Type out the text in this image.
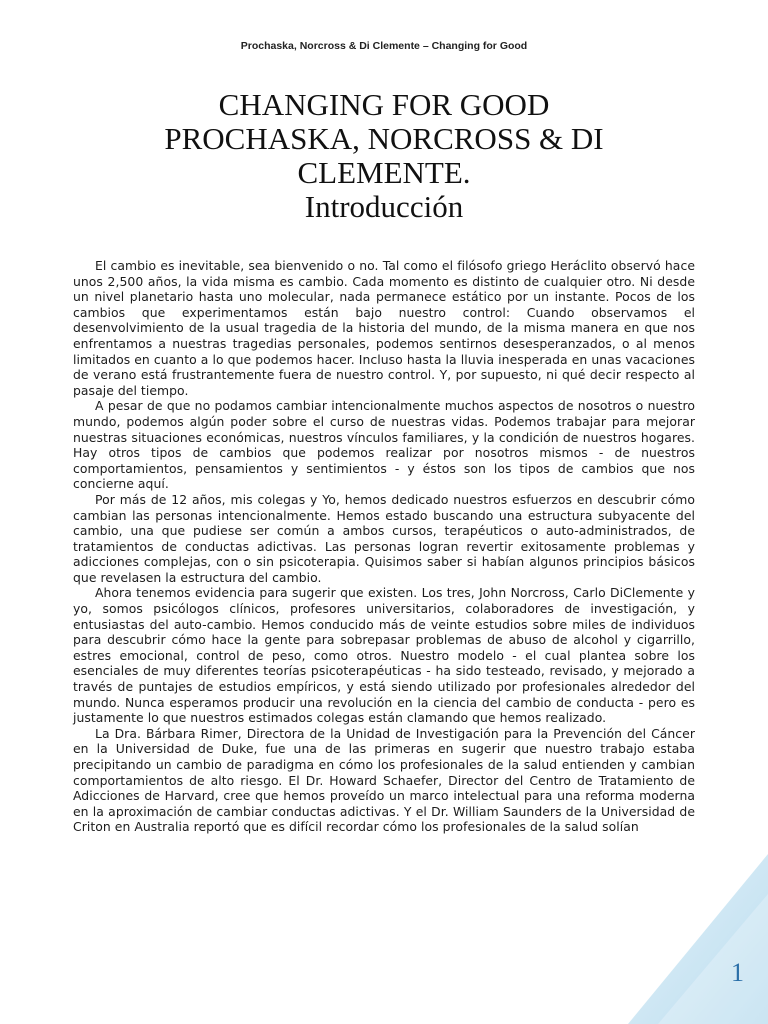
Prochaska, Norcross & Di Clemente – Changing for Good
CHANGING FOR GOOD
PROCHASKA, NORCROSS & DI
CLEMENTE.
Introducción

El cambio es inevitable, sea bienvenido o no. Tal como el filósofo griego Heráclito observó hace unos 2,500 años, la vida misma es cambio. Cada momento es distinto de cualquier otro. Ni desde un nivel planetario hasta uno molecular, nada permanece estático por un instante. Pocos de los cambios que experimentamos están bajo nuestro control: Cuando observamos el desenvolvimiento de la usual tragedia de la historia del mundo, de la misma manera en que nos enfrentamos a nuestras tragedias personales, podemos sentirnos desesperanzados, o al menos limitados en cuanto a lo que podemos hacer. Incluso hasta la lluvia inesperada en unas vacaciones de verano está frustrantemente fuera de nuestro control. Y, por supuesto, ni qué decir respecto al pasaje del tiempo.

A pesar de que no podamos cambiar intencionalmente muchos aspectos de nosotros o nuestro mundo, podemos algún poder sobre el curso de nuestras vidas. Podemos trabajar para mejorar nuestras situaciones económicas, nuestros vínculos familiares, y la condición de nuestros hogares. Hay otros tipos de cambios que podemos realizar por nosotros mismos - de nuestros comportamientos, pensamientos y sentimientos - y éstos son los tipos de cambios que nos concierne aquí.

Por más de 12 años, mis colegas y Yo, hemos dedicado nuestros esfuerzos en descubrir cómo cambian las personas intencionalmente. Hemos estado buscando una estructura subyacente del cambio, una que pudiese ser común a ambos cursos, terapéuticos o auto-administrados, de tratamientos de conductas adictivas. Las personas logran revertir exitosamente problemas y adicciones complejas, con o sin psicoterapia. Quisimos saber si habían algunos principios básicos que revelasen la estructura del cambio.

Ahora tenemos evidencia para sugerir que existen. Los tres, John Norcross, Carlo DiClemente y yo, somos psicólogos clínicos, profesores universitarios, colaboradores de investigación, y entusiastas del auto-cambio. Hemos conducido más de veinte estudios sobre miles de individuos para descubrir cómo hace la gente para sobrepasar problemas de abuso de alcohol y cigarrillo, estres emocional, control de peso, como otros. Nuestro modelo - el cual plantea sobre los esenciales de muy diferentes teorías psicoterapéuticas - ha sido testeado, revisado, y mejorado a través de puntajes de estudios empíricos, y está siendo utilizado por profesionales alrededor del mundo. Nunca esperamos producir una revolución en la ciencia del cambio de conducta - pero es justamente lo que nuestros estimados colegas están clamando que hemos realizado.

La Dra. Bárbara Rimer, Directora de la Unidad de Investigación para la Prevención del Cáncer en la Universidad de Duke, fue una de las primeras en sugerir que nuestro trabajo estaba precipitando un cambio de paradigma en cómo los profesionales de la salud entienden y cambian comportamientos de alto riesgo. El Dr. Howard Schaefer, Director del Centro de Tratamiento de Adicciones de Harvard, cree que hemos proveído un marco intelectual para una reforma moderna en la aproximación de cambiar conductas adictivas. Y el Dr. William Saunders de la Universidad de Criton en Australia reportó que es difícil recordar cómo los profesionales de la salud solían

1
